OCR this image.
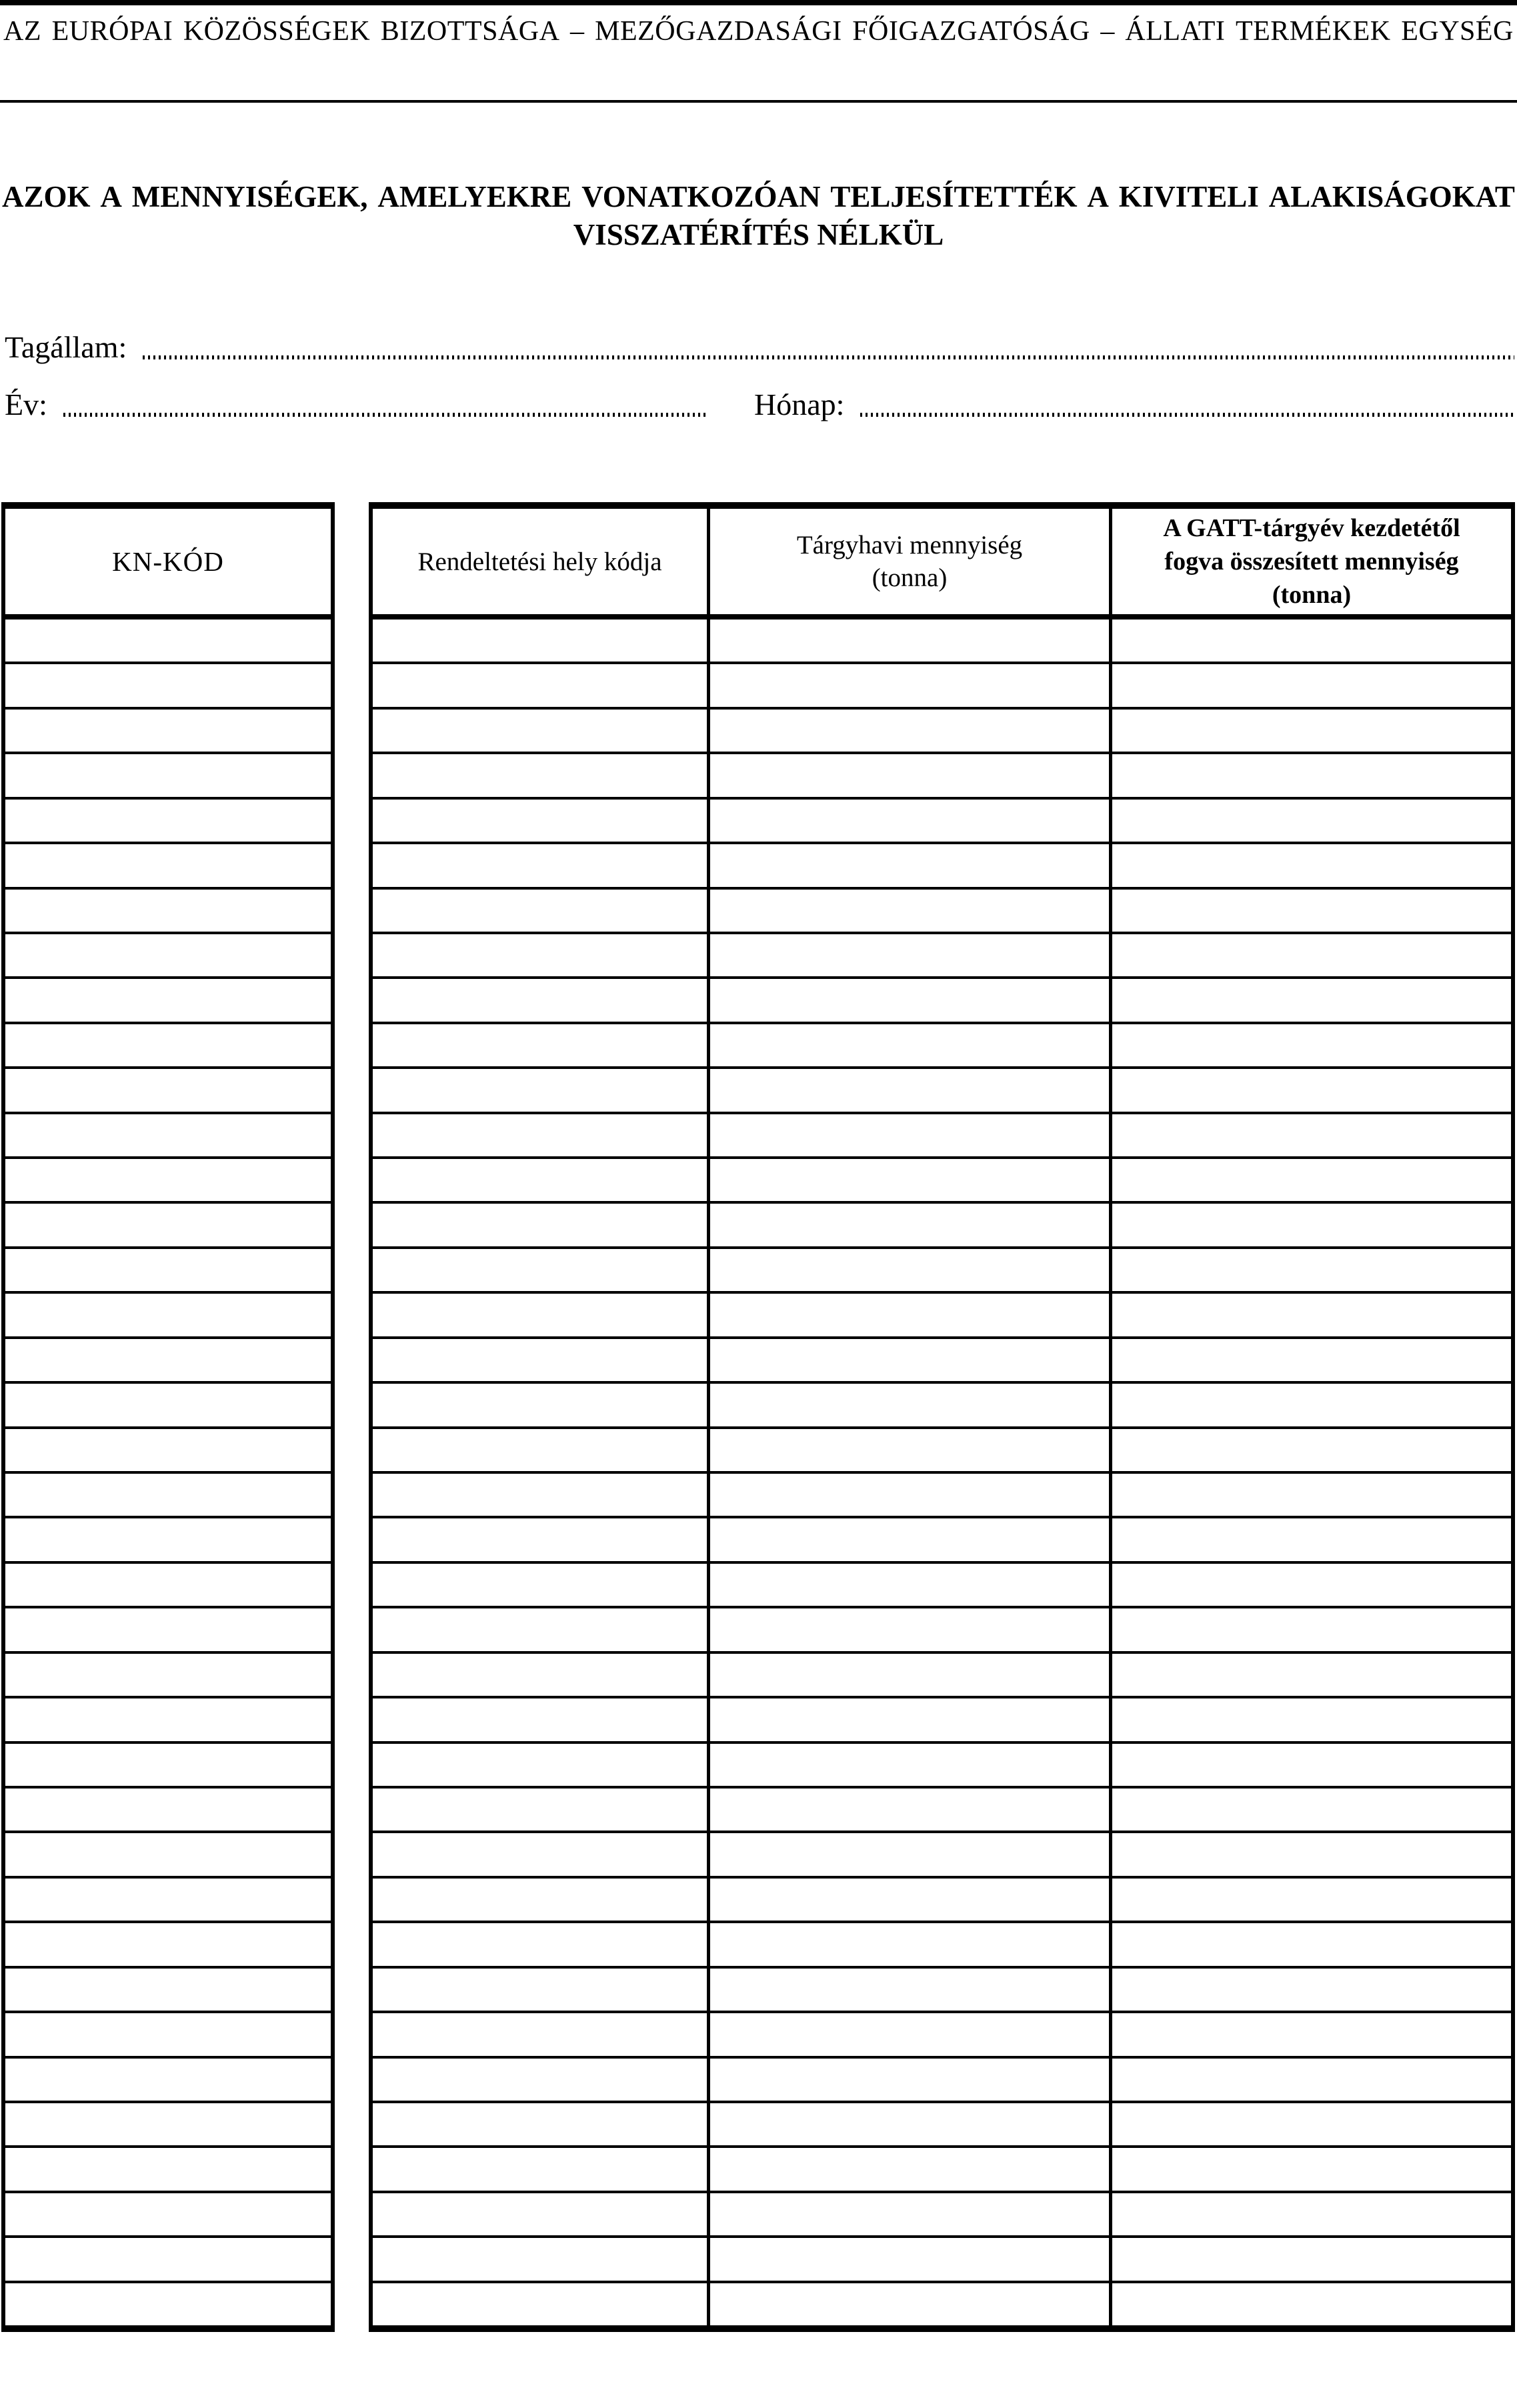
AZ EURÓPAI KÖZÖSSÉGEK BIZOTTSÁGA – MEZŐGAZDASÁGI FŐIGAZGATÓSÁG – ÁLLATI TERMÉKEK EGYSÉG
AZOK A MENNYISÉGEK, AMELYEKRE VONATKOZÓAN TELJESÍTETTÉK A KIVITELI ALAKISÁGOKAT
VISSZATÉRÍTÉS NÉLKÜL
Tagállam:
Év:	Hónap:
KN-KÓD	Rendeltetési hely kódja
Tárgyhavi mennyiség
(tonna)
A GATT-tárgyév kezdetétől
fogva összesített mennyiség
(tonna)
